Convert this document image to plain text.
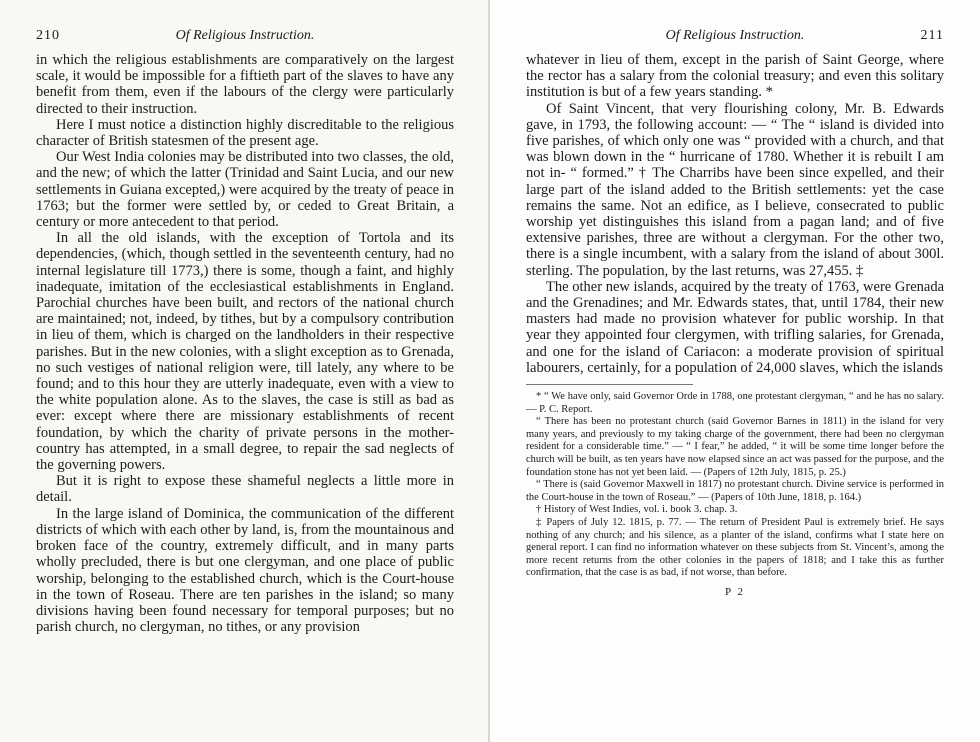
Of Religious Instruction.
210

in which the religious establishments are comparatively on the largest scale, it would be impossible for a fiftieth part of the slaves to have any benefit from them, even if the labours of the clergy were particularly directed to their instruction.

Here I must notice a distinction highly discreditable to the religious character of British statesmen of the present age.

Our West India colonies may be distributed into two classes, the old, and the new; of which the latter (Trinidad and Saint Lucia, and our new settlements in Guiana excepted,) were acquired by the treaty of peace in 1763; but the former were settled by, or ceded to Great Britain, a century or more antecedent to that period.

In all the old islands, with the exception of Tortola and its dependencies, (which, though settled in the seventeenth century, had no internal legislature till 1773,) there is some, though a faint, and highly inadequate, imitation of the ecclesiastical establishments in England. Parochial churches have been built, and rectors of the national church are maintained; not, indeed, by tithes, but by a compulsory contribution in lieu of them, which is charged on the landholders in their respective parishes. But in the new colonies, with a slight exception as to Grenada, no such vestiges of national religion were, till lately, any where to be found; and to this hour they are utterly inadequate, even with a view to the white population alone. As to the slaves, the case is still as bad as ever: except where there are missionary establishments of recent foundation, by which the charity of private persons in the mother-country has attempted, in a small degree, to repair the sad neglects of the governing powers.

But it is right to expose these shameful neglects a little more in detail.

In the large island of Dominica, the communication of the different districts of which with each other by land, is, from the mountainous and broken face of the country, extremely difficult, and in many parts wholly precluded, there is but one clergyman, and one place of public worship, belonging to the established church, which is the Court-house in the town of Roseau. There are ten parishes in the island; so many divisions having been found necessary for temporal purposes; but no parish church, no clergyman, no tithes, or any provision

Of Religious Instruction.	211

whatever in lieu of them, except in the parish of Saint George, where the rector has a salary from the colonial treasury; and even this solitary institution is but of a few years standing. *

Of Saint Vincent, that very flourishing colony, Mr. B. Edwards gave, in 1793, the following account: — “ The “ island is divided into five parishes, of which only one was “ provided with a church, and that was blown down in the “ hurricane of 1780. Whether it is rebuilt I am not in- “ formed.” † The Charribs have been since expelled, and their large part of the island added to the British settlements: yet the case remains the same. Not an edifice, as I believe, consecrated to public worship yet distinguishes this island from a pagan land; and of five extensive parishes, three are without a clergyman. For the other two, there is a single incumbent, with a salary from the island of about 300l. sterling. The population, by the last returns, was 27,455. ‡

The other new islands, acquired by the treaty of 1763, were Grenada and the Grenadines; and Mr. Edwards states, that, until 1784, their new masters had made no provision whatever for public worship. In that year they appointed four clergymen, with trifling salaries, for Grenada, and one for the island of Cariacon: a moderate provision of spiritual labourers, certainly, for a population of 24,000 slaves, which the islands

* “ We have only, said Governor Orde in 1788, one protestant clergyman, “ and he has no salary. — P. C. Report.

“ There has been no protestant church (said Governor Barnes in 1811) in the island for very many years, and previously to my taking charge of the government, there had been no clergyman resident for a considerable time.” — “ I fear,” he added, “ it will be some time longer before the church will be built, as ten years have now elapsed since an act was passed for the purpose, and the foundation stone has not yet been laid. — (Papers of 12th July, 1815, p. 25.)

“ There is (said Governor Maxwell in 1817) no protestant church. Divine service is performed in the Court-house in the town of Roseau.” — (Papers of 10th June, 1818, p. 164.)

† History of West Indies, vol. i. book 3. chap. 3.

‡ Papers of July 12. 1815, p. 77. — The return of President Paul is extremely brief. He says nothing of any church; and his silence, as a planter of the island, confirms what I state here on general report. I can find no information whatever on these subjects from St. Vincent’s, among the more recent returns from the other colonies in the papers of 1818; and I take this as further confirmation, that the case is as bad, if not worse, than before.

P 2
